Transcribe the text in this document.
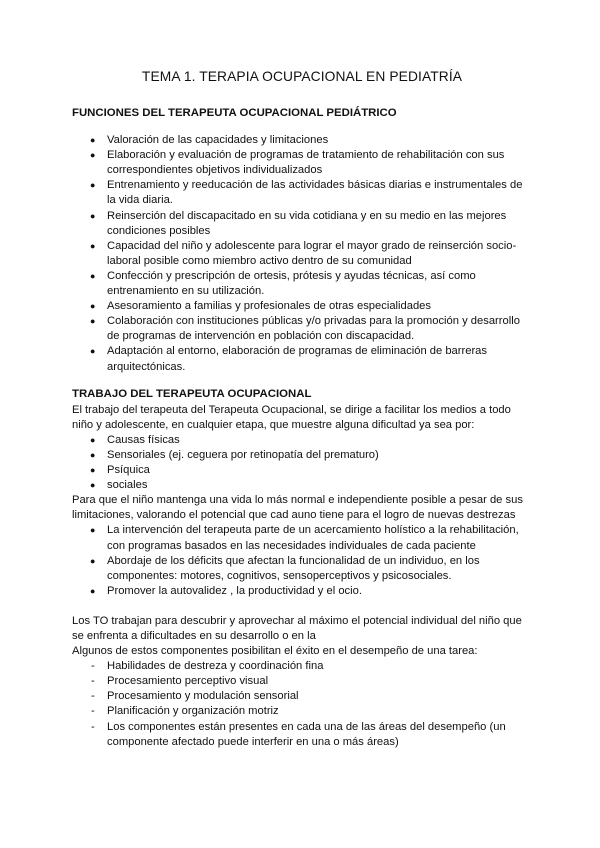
TEMA 1. TERAPIA OCUPACIONAL EN PEDIATRÍA
FUNCIONES DEL TERAPEUTA OCUPACIONAL PEDIÁTRICO
● Valoración de las capacidades y limitaciones
● Elaboración y evaluación de programas de tratamiento de rehabilitación con sus correspondientes objetivos individualizados
● Entrenamiento y reeducación de las actividades básicas diarias e instrumentales de la vida diaria.
● Reinserción del discapacitado en su vida cotidiana y en su medio en las mejores condiciones posibles
● Capacidad del niño y adolescente para lograr el mayor grado de reinserción socio-laboral posible como miembro activo dentro de su comunidad
● Confección y prescripción de ortesis, prótesis y ayudas técnicas, así como entrenamiento en su utilización.
● Asesoramiento a familias y profesionales de otras especialidades
● Colaboración con instituciones públicas y/o privadas para la promoción y desarrollo de programas de intervención en población con discapacidad.
● Adaptación al entorno, elaboración de programas de eliminación de barreras arquitectónicas.
TRABAJO DEL TERAPEUTA OCUPACIONAL

El trabajo del terapeuta del Terapeuta Ocupacional, se dirige a facilitar los medios a todo niño y adolescente, en cualquier etapa, que muestre alguna dificultad ya sea por:

● Causas físicas
● Sensoriales (ej. ceguera por retinopatía del prematuro)
● Psíquica
● sociales

Para que el niño mantenga una vida lo más normal e independiente posible a pesar de sus limitaciones, valorando el potencial que cad auno tiene para el logro de nuevas destrezas

● La intervención del terapeuta parte de un acercamiento holístico a la rehabilitación, con programas basados en las necesidades individuales de cada paciente
● Abordaje de los déficits que afectan la funcionalidad de un individuo, en los componentes: motores, cognitivos, sensoperceptivos y psicosociales.
● Promover la autovalidez , la productividad y el ocio.

Los TO trabajan para descubrir y aprovechar al máximo el potencial individual del niño que se enfrenta a dificultades en su desarrollo o en la

Algunos de estos componentes posibilitan el éxito en el desempeño de una tarea:

- Habilidades de destreza y coordinación fina
- Procesamiento perceptivo visual
- Procesamiento y modulación sensorial
- Planificación y organización motriz
- Los componentes están presentes en cada una de las áreas del desempeño (un componente afectado puede interferir en una o más áreas)
